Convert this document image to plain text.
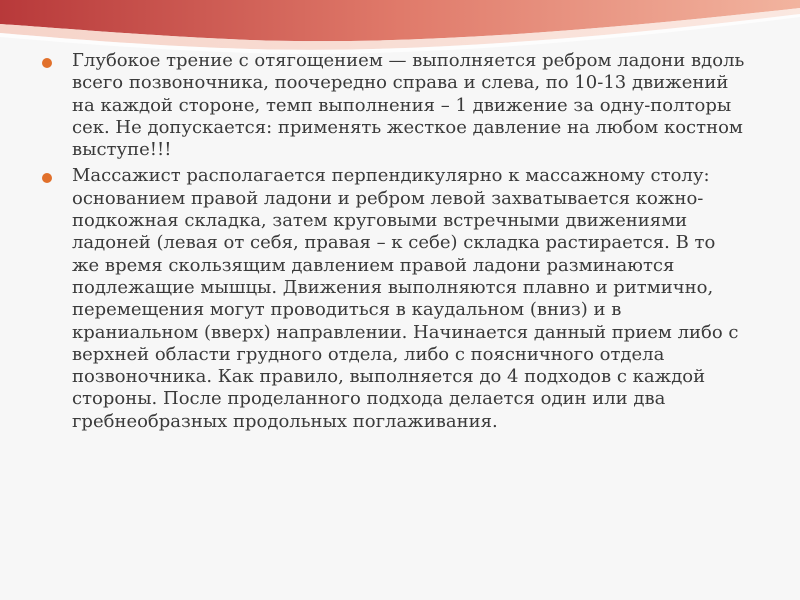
Глубокое трение с отягощением — выполняется ребром ладони вдоль всего позвоночника, поочередно справа и слева, по 10-13 движений на каждой стороне, темп выполнения – 1 движение за одну-полторы сек. Не допускается: применять жесткое давление на любом костном выступе!!!
Массажист располагается перпендикулярно к массажному столу: основанием правой ладони и ребром левой захватывается кожно-подкожная складка, затем круговыми встречными движениями ладоней (левая от себя, правая – к себе) складка растирается. В то же время скользящим давлением правой ладони разминаются подлежащие мышцы. Движения выполняются плавно и ритмично, перемещения могут проводиться в каудальном (вниз) и в краниальном (вверх) направлении. Начинается данный прием либо с верхней области грудного отдела, либо с поясничного отдела позвоночника. Как правило, выполняется до 4 подходов с каждой стороны. После проделанного подхода делается один или два гребнеобразных продольных поглаживания.
